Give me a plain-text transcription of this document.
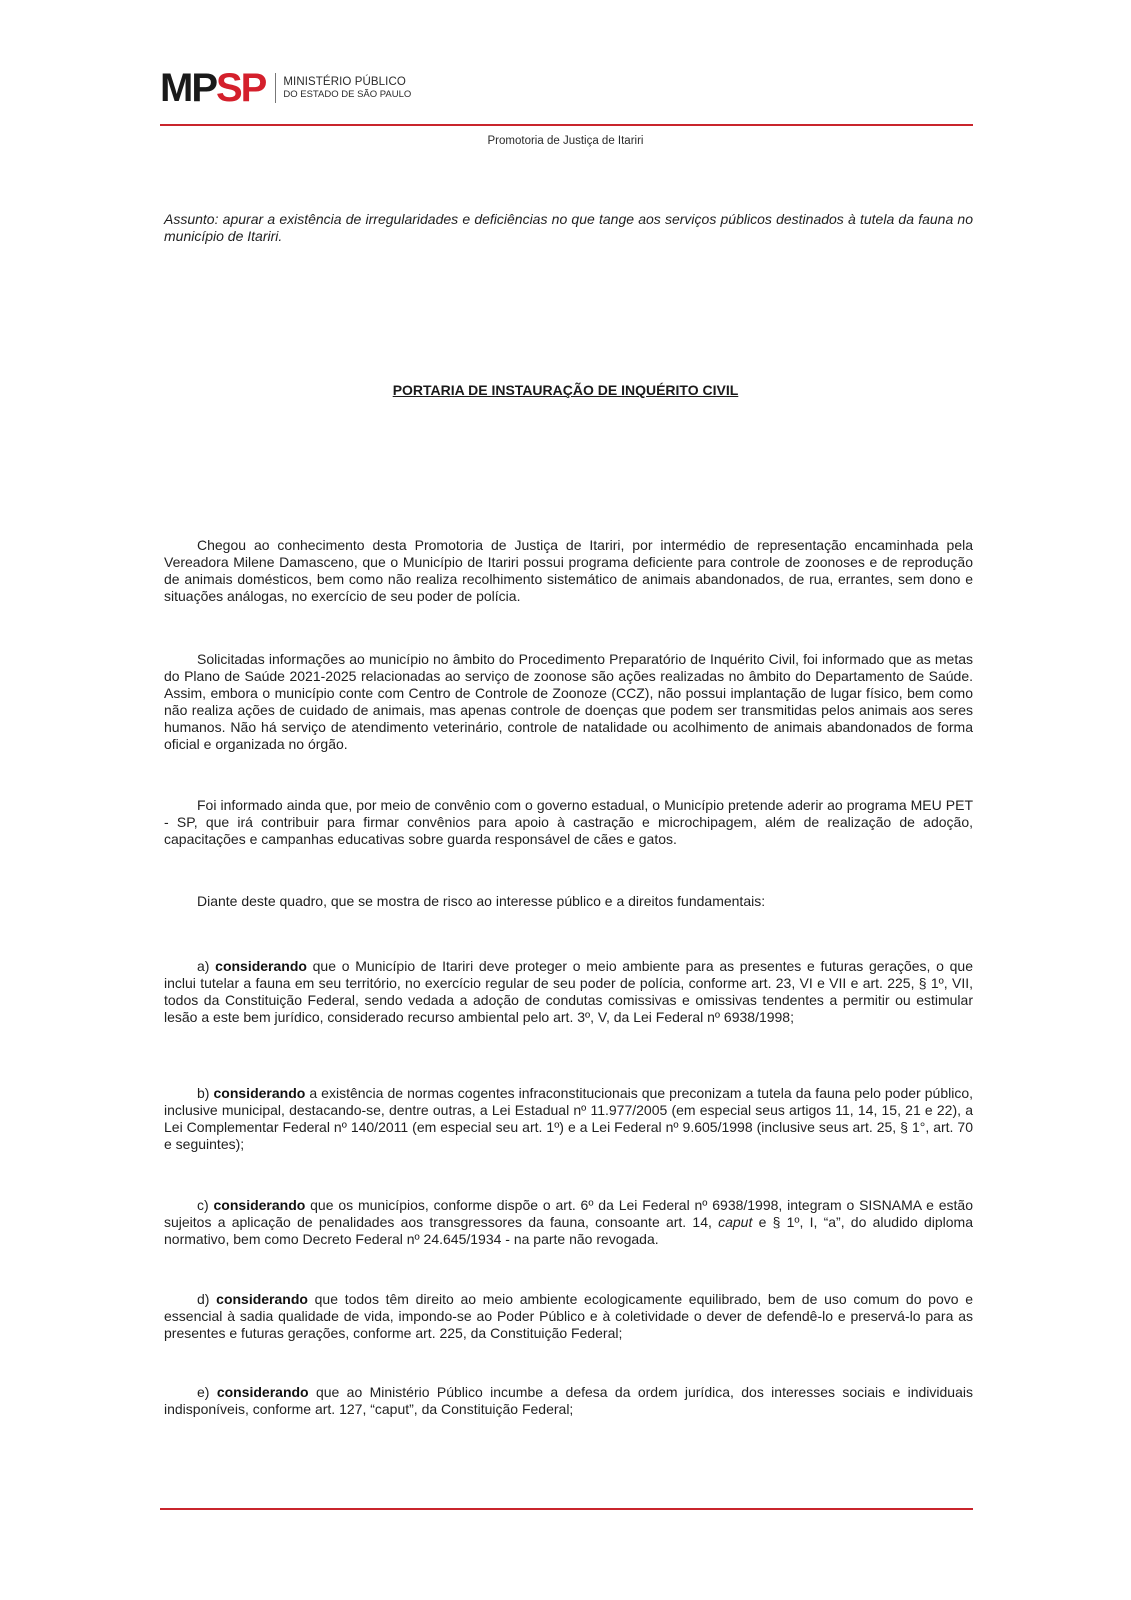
MPSP MINISTÉRIO PÚBLICO
DO ESTADO DE SÃO PAULO
Promotoria de Justiça de Itariri

Assunto: apurar a existência de irregularidades e deficiências no que tange aos serviços públicos destinados à tutela da fauna no município de Itariri.

PORTARIA DE INSTAURAÇÃO DE INQUÉRITO CIVIL

Chegou ao conhecimento desta Promotoria de Justiça de Itariri, por intermédio de representação encaminhada pela Vereadora Milene Damasceno, que o Município de Itariri possui programa deficiente para controle de zoonoses e de reprodução de animais domésticos, bem como não realiza recolhimento sistemático de animais abandonados, de rua, errantes, sem dono e situações análogas, no exercício de seu poder de polícia.

Solicitadas informações ao município no âmbito do Procedimento Preparatório de Inquérito Civil, foi informado que as metas do Plano de Saúde 2021-2025 relacionadas ao serviço de zoonose são ações realizadas no âmbito do Departamento de Saúde. Assim, embora o município conte com Centro de Controle de Zoonoze (CCZ), não possui implantação de lugar físico, bem como não realiza ações de cuidado de animais, mas apenas controle de doenças que podem ser transmitidas pelos animais aos seres humanos. Não há serviço de atendimento veterinário, controle de natalidade ou acolhimento de animais abandonados de forma oficial e organizada no órgão.

Foi informado ainda que, por meio de convênio com o governo estadual, o Município pretende aderir ao programa MEU PET - SP, que irá contribuir para firmar convênios para apoio à castração e microchipagem, além de realização de adoção, capacitações e campanhas educativas sobre guarda responsável de cães e gatos.

Diante deste quadro, que se mostra de risco ao interesse público e a direitos fundamentais:

a) considerando que o Município de Itariri deve proteger o meio ambiente para as presentes e futuras gerações, o que inclui tutelar a fauna em seu território, no exercício regular de seu poder de polícia, conforme art. 23, VI e VII e art. 225, § 1º, VII, todos da Constituição Federal, sendo vedada a adoção de condutas comissivas e omissivas tendentes a permitir ou estimular lesão a este bem jurídico, considerado recurso ambiental pelo art. 3º, V, da Lei Federal nº 6938/1998;

b) considerando a existência de normas cogentes infraconstitucionais que preconizam a tutela da fauna pelo poder público, inclusive municipal, destacando-se, dentre outras, a Lei Estadual nº 11.977/2005 (em especial seus artigos 11, 14, 15, 21 e 22), a Lei Complementar Federal nº 140/2011 (em especial seu art. 1º) e a Lei Federal nº 9.605/1998 (inclusive seus art. 25, § 1°, art. 70 e seguintes);

c) considerando que os municípios, conforme dispõe o art. 6º da Lei Federal nº 6938/1998, integram o SISNAMA e estão sujeitos a aplicação de penalidades aos transgressores da fauna, consoante art. 14, caput e § 1º, I, “a”, do aludido diploma normativo, bem como Decreto Federal nº 24.645/1934 - na parte não revogada.

d) considerando que todos têm direito ao meio ambiente ecologicamente equilibrado, bem de uso comum do povo e essencial à sadia qualidade de vida, impondo-se ao Poder Público e à coletividade o dever de defendê-lo e preservá-lo para as presentes e futuras gerações, conforme art. 225, da Constituição Federal;

e) considerando que ao Ministério Público incumbe a defesa da ordem jurídica, dos interesses sociais e individuais indisponíveis, conforme art. 127, “caput”, da Constituição Federal;
